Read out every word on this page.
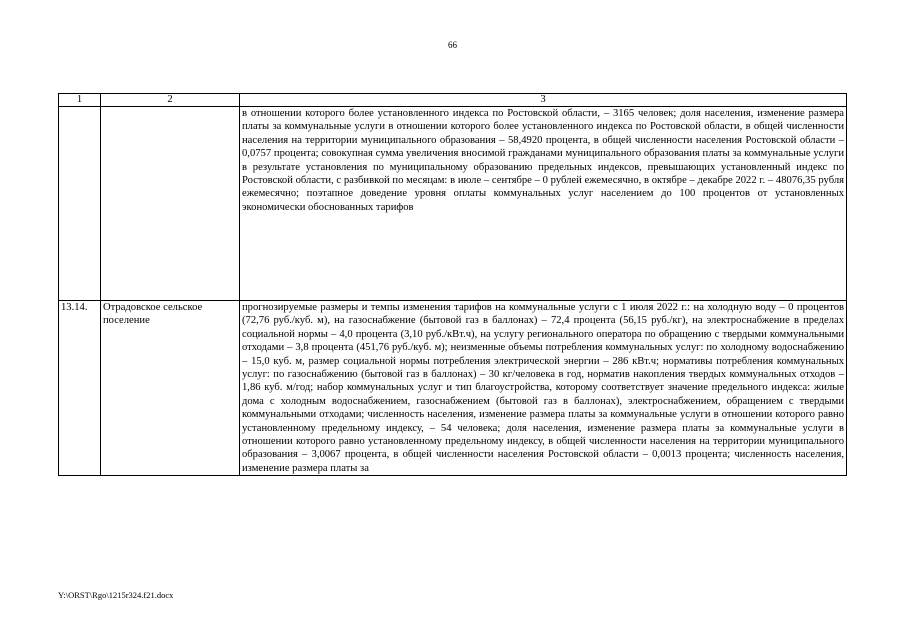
66
1	2	3
		в отношении которого более установленного индекса по Ростовской области, – 3165 человек; доля населения, изменение размера платы за коммунальные услуги в отношении которого более установленного индекса по Ростовской области, в общей численности населения на территории муниципального образования – 58,4920 процента, в общей численности населения Ростовской области – 0,0757 процента; совокупная сумма увеличения вносимой гражданами муниципального образования платы за коммунальные услуги в результате установления по муниципальному образованию предельных индексов, превышающих установленный индекс по Ростовской области, с разбивкой по месяцам: в июле – сентябре – 0 рублей ежемесячно, в октябре – декабре 2022 г. – 48076,35 рубля ежемесячно; поэтапное доведение уровня оплаты коммунальных услуг населением до 100 процентов от установленных экономически обоснованных тарифов
13.14.	Отрадовское сельское поселение	прогнозируемые размеры и темпы изменения тарифов на коммунальные услуги с 1 июля 2022 г.: на холодную воду – 0 процентов (72,76 руб./куб. м), на газоснабжение (бытовой газ в баллонах) – 72,4 процента (56,15 руб./кг), на электроснабжение в пределах социальной нормы – 4,0 процента (3,10 руб./кВт.ч), на услугу регионального оператора по обращению с твердыми коммунальными отходами – 3,8 процента (451,76 руб./куб. м); неизменные объемы потребления коммунальных услуг: по холодному водоснабжению – 15,0 куб. м, размер социальной нормы потребления электрической энергии – 286 кВт.ч; нормативы потребления коммунальных услуг: по газоснабжению (бытовой газ в баллонах) – 30 кг/человека в год, норматив накопления твердых коммунальных отходов – 1,86 куб. м/год; набор коммунальных услуг и тип благоустройства, которому соответствует значение предельного индекса: жилые дома с холодным водоснабжением, газоснабжением (бытовой газ в баллонах), электроснабжением, обращением с твердыми коммунальными отходами; численность населения, изменение размера платы за коммунальные услуги в отношении которого равно установленному предельному индексу, – 54 человека; доля населения, изменение размера платы за коммунальные услуги в отношении которого равно установленному предельному индексу, в общей численности населения на территории муниципального образования – 3,0067 процента, в общей численности населения Ростовской области – 0,0013 процента; численность населения, изменение размера платы за
Y:\ORST\Rgo\1215r324.f21.docx
